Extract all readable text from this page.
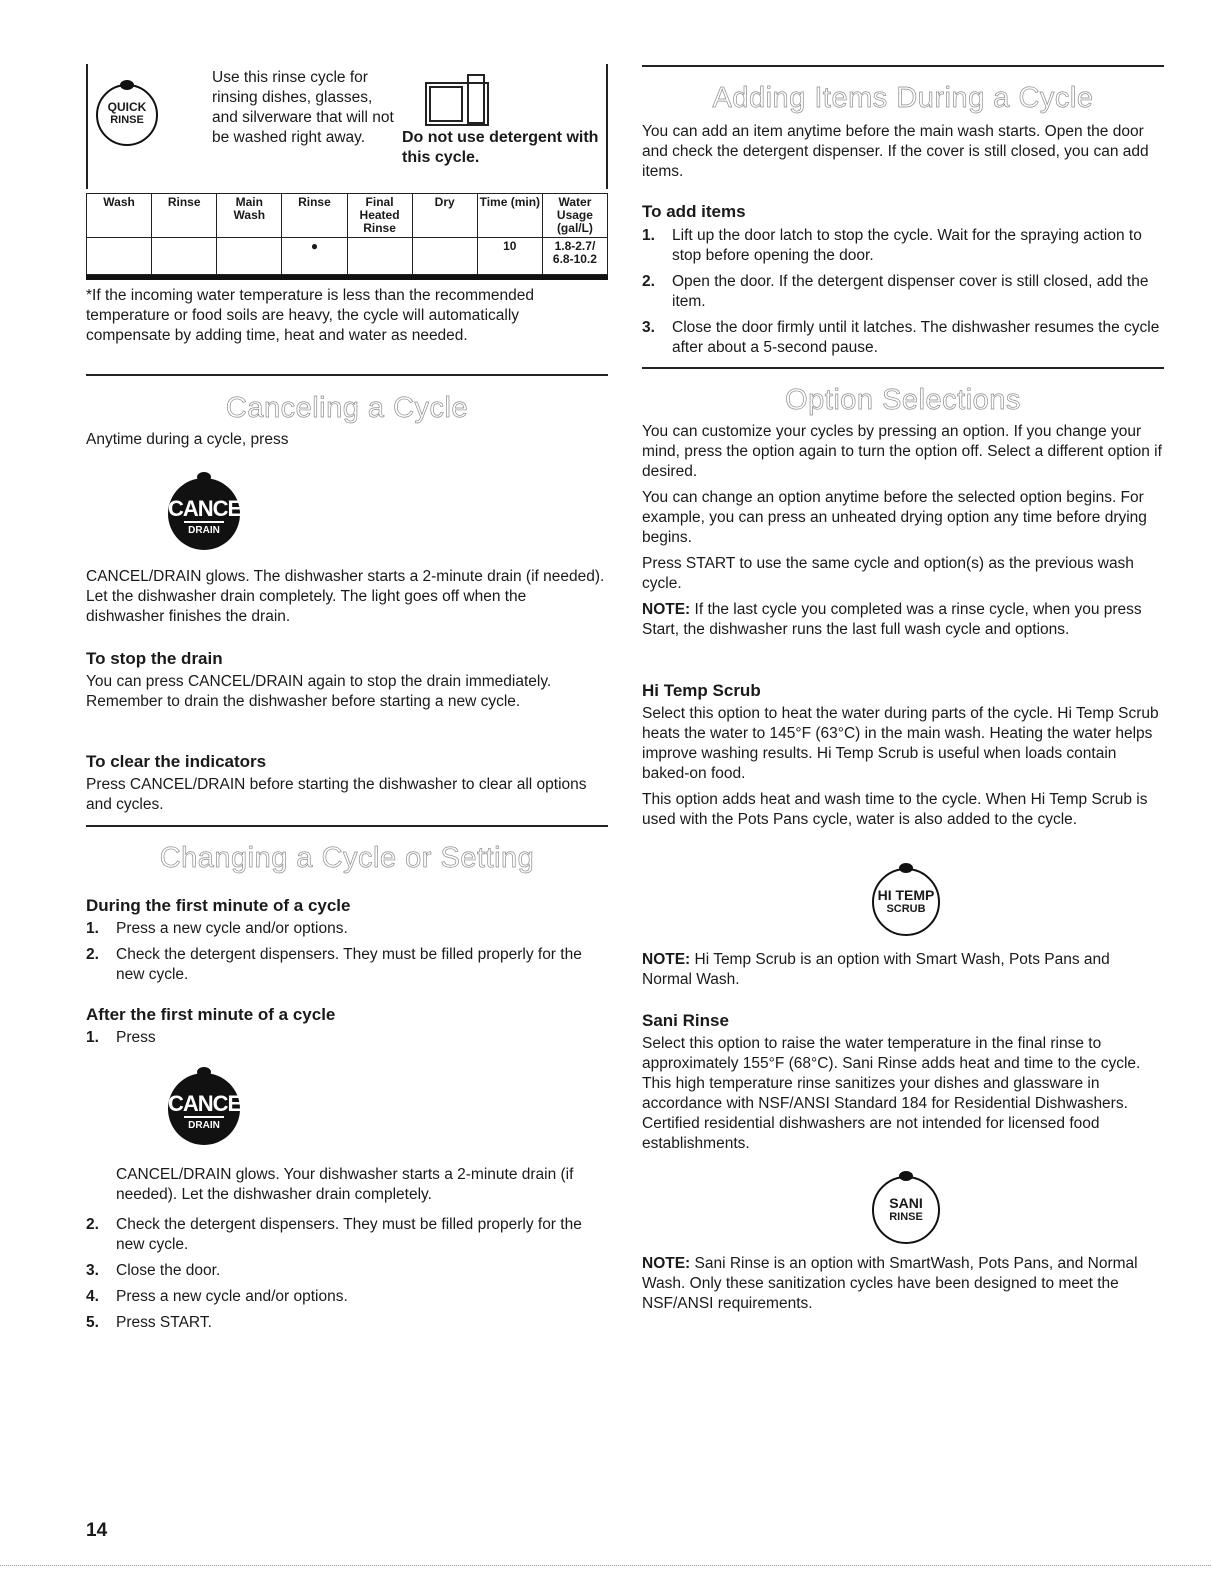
QUICK
RINSE

Use this rinse cycle for rinsing dishes, glasses, and silverware that will not be washed right away.	Do not use detergent with this cycle.

Wash	Rinse	Main Wash	Rinse	Final Heated Rinse	Dry	Time (min)	Water Usage (gal/L)
			●			10	1.8-2.7/ 6.8-10.2

*If the incoming water temperature is less than the recommended temperature or food soils are heavy, the cycle will automatically compensate by adding time, heat and water as needed.

Canceling a Cycle

Anytime during a cycle, press

CANCEL
DRAIN

CANCEL/DRAIN glows. The dishwasher starts a 2-minute drain (if needed). Let the dishwasher drain completely. The light goes off when the dishwasher finishes the drain.

To stop the drain

You can press CANCEL/DRAIN again to stop the drain immediately. Remember to drain the dishwasher before starting a new cycle.

To clear the indicators

Press CANCEL/DRAIN before starting the dishwasher to clear all options and cycles.

Changing a Cycle or Setting
During the first minute of a cycle
1. Press a new cycle and/or options.
2. Check the detergent dispensers. They must be filled properly for the new cycle.
After the first minute of a cycle
1. Press
CANCEL
DRAIN

CANCEL/DRAIN glows. Your dishwasher starts a 2-minute drain (if needed). Let the dishwasher drain completely.

2. Check the detergent dispensers. They must be filled properly for the new cycle.
3. Close the door.
4. Press a new cycle and/or options.
5. Press START.
14
Adding Items During a Cycle

You can add an item anytime before the main wash starts. Open the door and check the detergent dispenser. If the cover is still closed, you can add items.

To add items
1. Lift up the door latch to stop the cycle. Wait for the spraying action to stop before opening the door.
2. Open the door. If the detergent dispenser cover is still closed, add the item.
3. Close the door firmly until it latches. The dishwasher resumes the cycle after about a 5-second pause.
Option Selections

You can customize your cycles by pressing an option. If you change your mind, press the option again to turn the option off. Select a different option if desired.

You can change an option anytime before the selected option begins. For example, you can press an unheated drying option any time before drying begins.

Press START to use the same cycle and option(s) as the previous wash cycle.

NOTE: If the last cycle you completed was a rinse cycle, when you press Start, the dishwasher runs the last full wash cycle and options.

Hi Temp Scrub

Select this option to heat the water during parts of the cycle. Hi Temp Scrub heats the water to 145°F (63°C) in the main wash. Heating the water helps improve washing results. Hi Temp Scrub is useful when loads contain baked-on food.

This option adds heat and wash time to the cycle. When Hi Temp Scrub is used with the Pots Pans cycle, water is also added to the cycle.

HI TEMP
SCRUB

NOTE: Hi Temp Scrub is an option with Smart Wash, Pots Pans and Normal Wash.

Sani Rinse

Select this option to raise the water temperature in the final rinse to approximately 155°F (68°C). Sani Rinse adds heat and time to the cycle. This high temperature rinse sanitizes your dishes and glassware in accordance with NSF/ANSI Standard 184 for Residential Dishwashers. Certified residential dishwashers are not intended for licensed food establishments.

SANI
RINSE

NOTE: Sani Rinse is an option with SmartWash, Pots Pans, and Normal Wash. Only these sanitization cycles have been designed to meet the NSF/ANSI requirements.
